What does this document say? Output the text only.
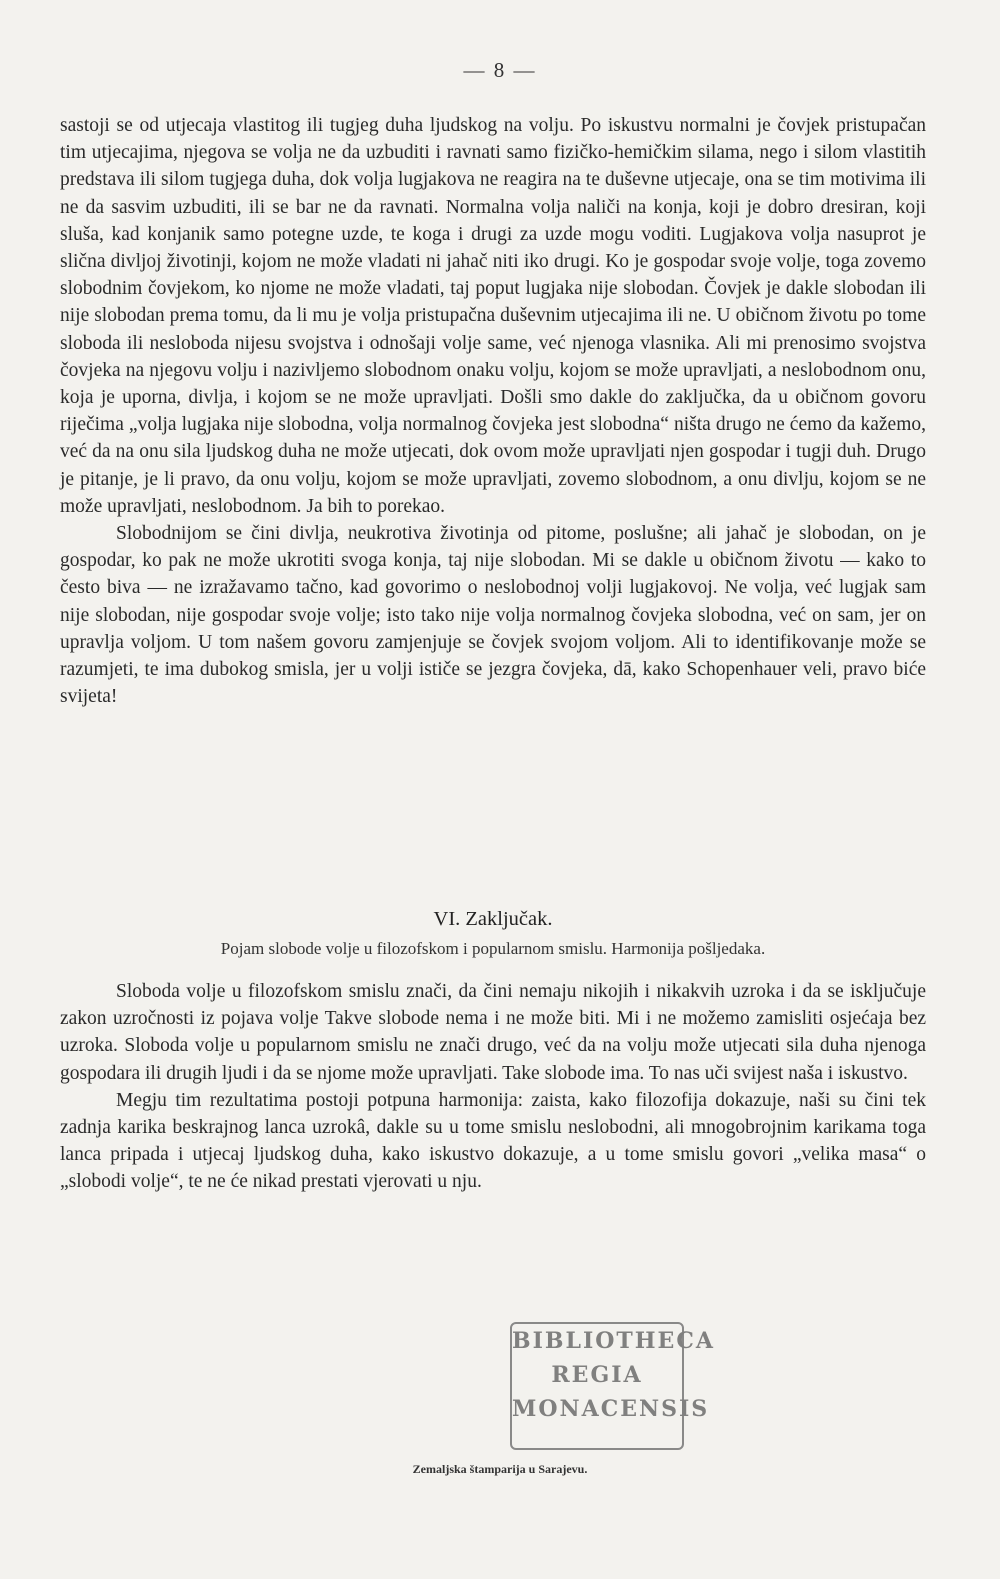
— 8 —

sastoji se od utjecaja vlastitog ili tugjeg duha ljudskog na volju. Po iskustvu normalni je čovjek pristupačan tim utjecajima, njegova se volja ne da uzbuditi i ravnati samo fizičko-hemičkim silama, nego i silom vlastitih predstava ili silom tugjega duha, dok volja lugjakova ne reagira na te duševne utjecaje, ona se tim motivima ili ne da sasvim uzbuditi, ili se bar ne da ravnati. Normalna volja naliči na konja, koji je dobro dresiran, koji sluša, kad konjanik samo potegne uzde, te koga i drugi za uzde mogu voditi. Lugjakova volja nasuprot je slična divljoj životinji, kojom ne može vladati ni jahač niti iko drugi. Ko je gospodar svoje volje, toga zovemo slobodnim čovjekom, ko njome ne može vladati, taj poput lugjaka nije slobodan. Čovjek je dakle slobodan ili nije slobodan prema tomu, da li mu je volja pristupačna duševnim utjecajima ili ne. U običnom životu po tome sloboda ili nesloboda nijesu svojstva i odnošaji volje same, već njenoga vlasnika. Ali mi prenosimo svojstva čovjeka na njegovu volju i nazivljemo slobodnom onaku volju, kojom se može upravljati, a neslobodnom onu, koja je uporna, divlja, i kojom se ne može upravljati. Došli smo dakle do zaključka, da u običnom govoru riječima „volja lugjaka nije slobodna, volja normalnog čovjeka jest slobodna“ ništa drugo ne ćemo da kažemo, već da na onu sila ljudskog duha ne može utjecati, dok ovom može upravljati njen gospodar i tugji duh. Drugo je pitanje, je li pravo, da onu volju, kojom se može upravljati, zovemo slobodnom, a onu divlju, kojom se ne može upravljati, neslobodnom. Ja bih to porekao.

Slobodnijom se čini divlja, neukrotiva životinja od pitome, poslušne; ali jahač je slobodan, on je gospodar, ko pak ne može ukrotiti svoga konja, taj nije slobodan. Mi se dakle u običnom životu — kako to često biva — ne izražavamo tačno, kad govorimo o neslobodnoj volji lugjakovoj. Ne volja, već lugjak sam nije slobodan, nije gospodar svoje volje; isto tako nije volja normalnog čovjeka slobodna, već on sam, jer on upravlja voljom. U tom našem govoru zamjenjuje se čovjek svojom voljom. Ali to identifikovanje može se razumjeti, te ima dubokog smisla, jer u volji ističe se jezgra čovjeka, dā, kako Schopenhauer veli, pravo biće svijeta!

VI. Zaključak.
Pojam slobode volje u filozofskom i popularnom smislu. Harmonija pošljedaka.

Sloboda volje u filozofskom smislu znači, da čini nemaju nikojih i nikakvih uzroka i da se isključuje zakon uzročnosti iz pojava volje Takve slobode nema i ne može biti. Mi i ne možemo zamisliti osjećaja bez uzroka. Sloboda volje u popularnom smislu ne znači drugo, već da na volju može utjecati sila duha njenoga gospodara ili drugih ljudi i da se njome može upravljati. Take slobode ima. To nas uči svijest naša i iskustvo.

Megju tim rezultatima postoji potpuna harmonija: zaista, kako filozofija dokazuje, naši su čini tek zadnja karika beskrajnog lanca uzrokâ, dakle su u tome smislu neslobodni, ali mnogobrojnim karikama toga lanca pripada i utjecaj ljudskog duha, kako iskustvo dokazuje, a u tome smislu govori „velika masa“ o „slobodi volje“, te ne će nikad prestati vjerovati u nju.

BIBLIOTHECA
REGIA
MONACENSIS
Zemaljska štamparija u Sarajevu.
